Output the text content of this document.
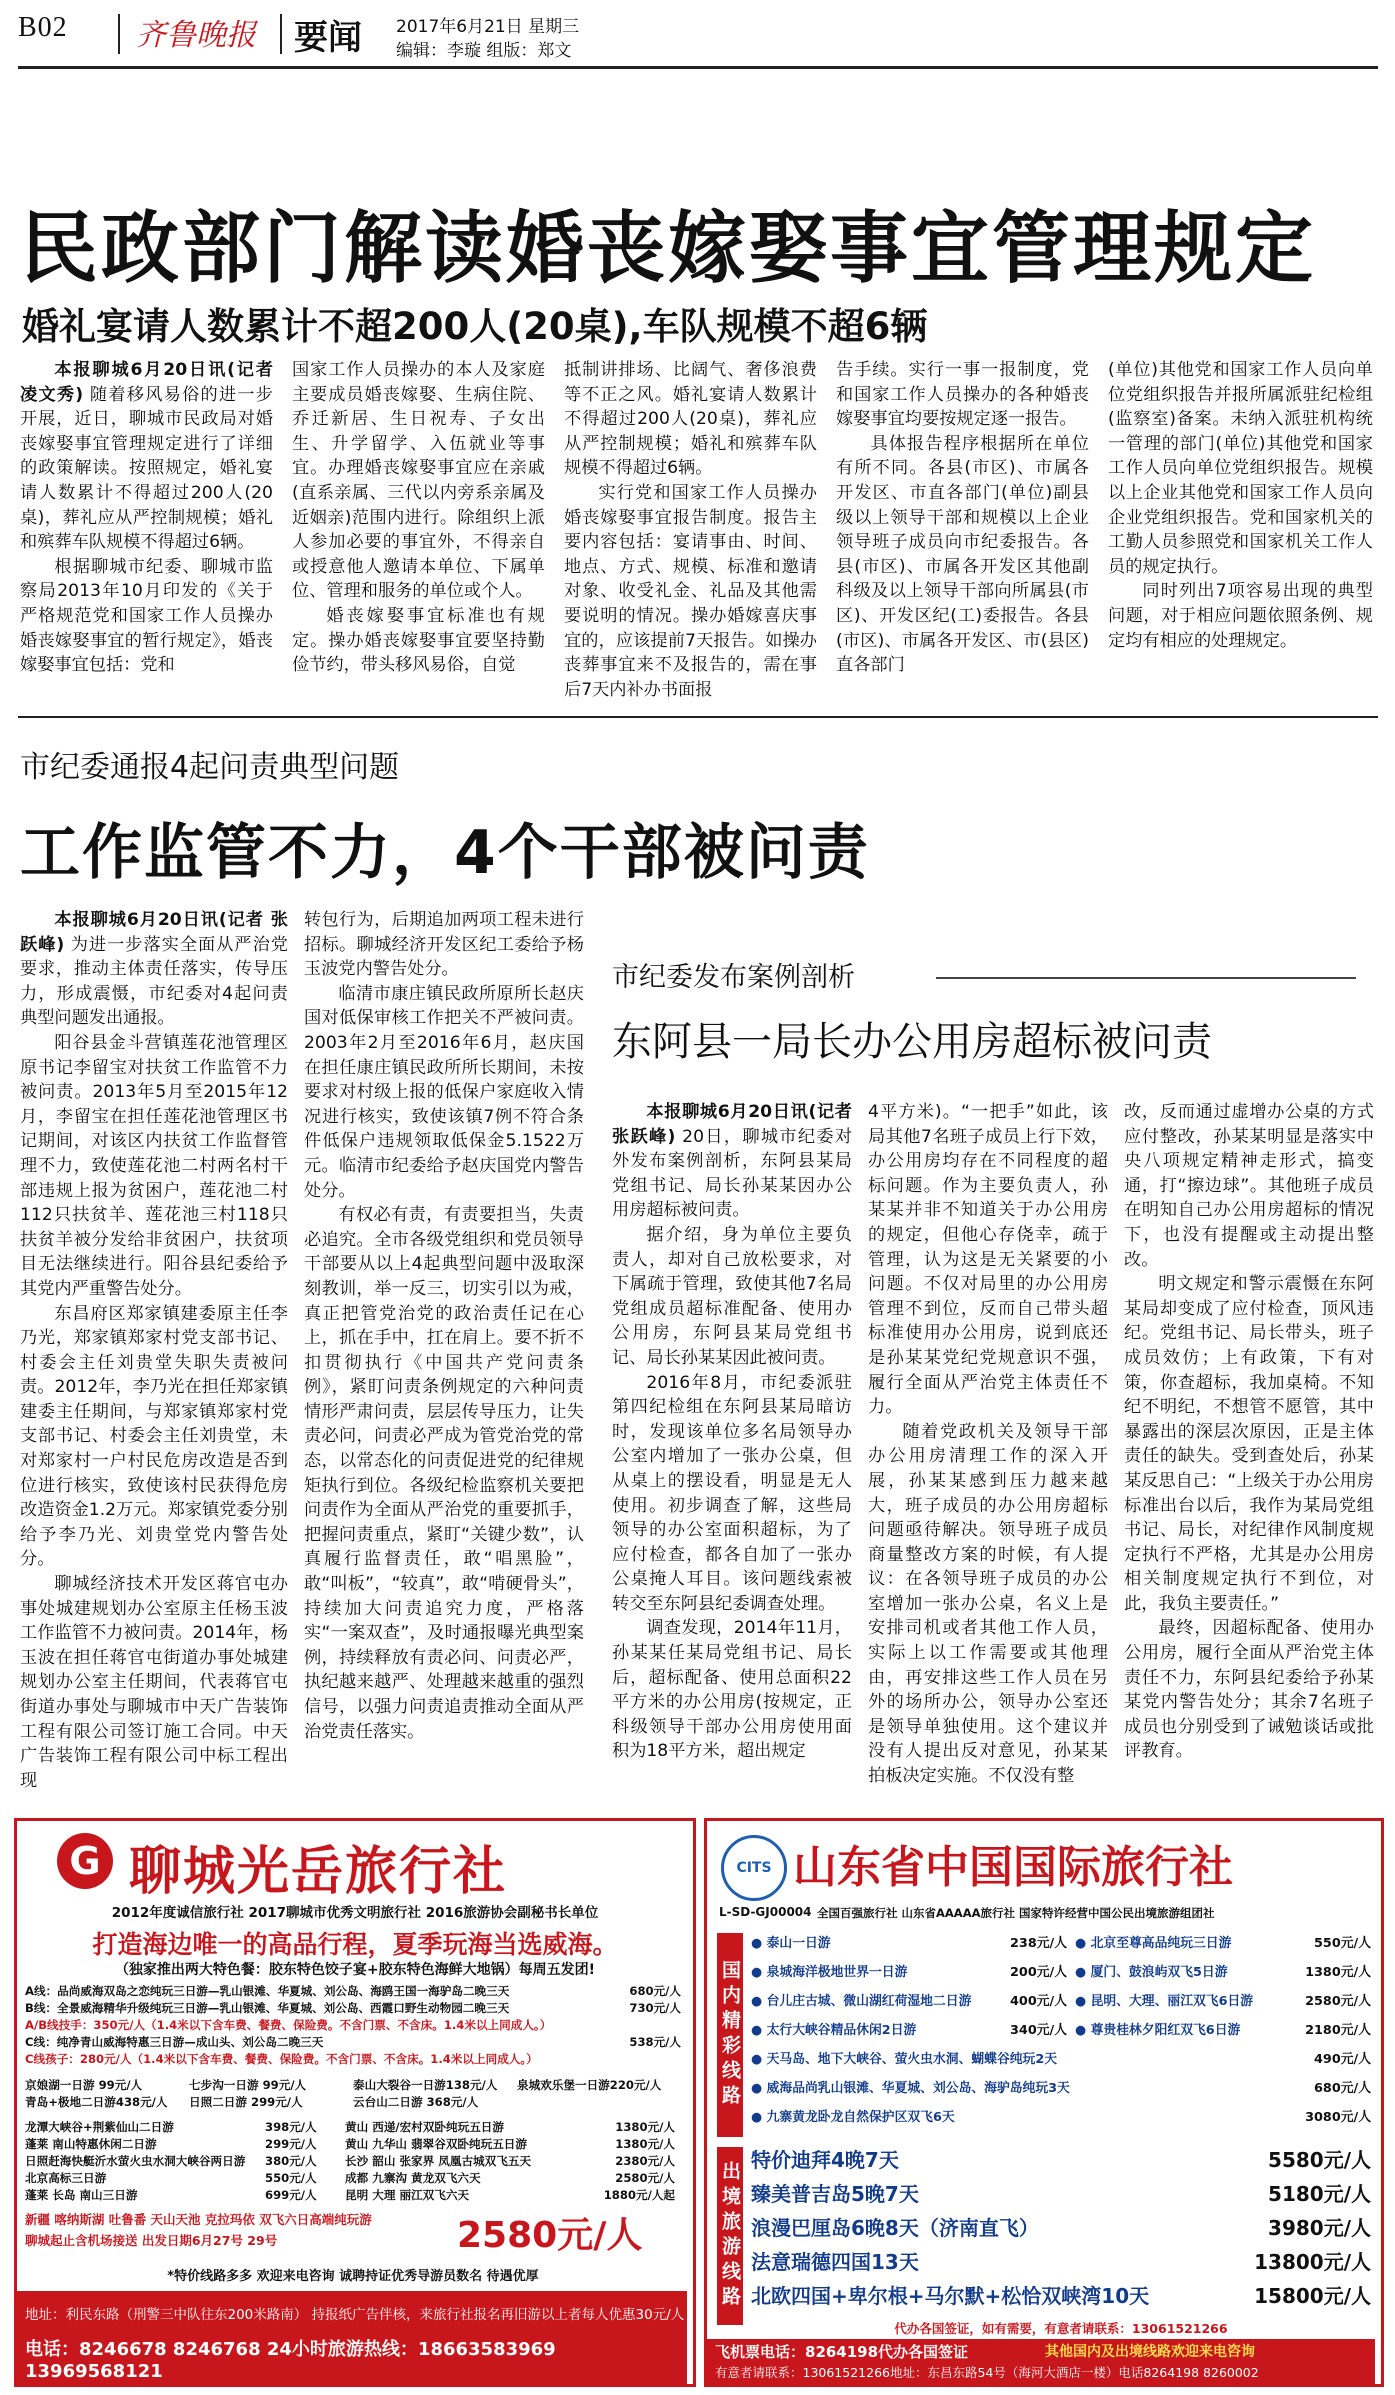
B02 齐鲁晚报 要闻 2017年6月21日 星期三
编辑：李璇 组版：郑文
民政部门解读婚丧嫁娶事宜管理规定
婚礼宴请人数累计不超200人(20桌),车队规模不超6辆

本报聊城6月20日讯(记者 凌文秀) 随着移风易俗的进一步开展，近日，聊城市民政局对婚丧嫁娶事宜管理规定进行了详细的政策解读。按照规定，婚礼宴请人数累计不得超过200人(20桌)，葬礼应从严控制规模；婚礼和殡葬车队规模不得超过6辆。

根据聊城市纪委、聊城市监察局2013年10月印发的《关于严格规范党和国家工作人员操办婚丧嫁娶事宜的暂行规定》，婚丧嫁娶事宜包括：党和

国家工作人员操办的本人及家庭主要成员婚丧嫁娶、生病住院、乔迁新居、生日祝寿、子女出生、升学留学、入伍就业等事宜。办理婚丧嫁娶事宜应在亲戚(直系亲属、三代以内旁系亲属及近姻亲)范围内进行。除组织上派人参加必要的事宜外，不得亲自或授意他人邀请本单位、下属单位、管理和服务的单位或个人。

婚丧嫁娶事宜标准也有规定。操办婚丧嫁娶事宜要坚持勤俭节约，带头移风易俗，自觉

抵制讲排场、比阔气、奢侈浪费等不正之风。婚礼宴请人数累计不得超过200人(20桌)，葬礼应从严控制规模；婚礼和殡葬车队规模不得超过6辆。

实行党和国家工作人员操办婚丧嫁娶事宜报告制度。报告主要内容包括：宴请事由、时间、地点、方式、规模、标准和邀请对象、收受礼金、礼品及其他需要说明的情况。操办婚嫁喜庆事宜的，应该提前7天报告。如操办丧葬事宜来不及报告的，需在事后7天内补办书面报

告手续。实行一事一报制度，党和国家工作人员操办的各种婚丧嫁娶事宜均要按规定逐一报告。

具体报告程序根据所在单位有所不同。各县(市区)、市属各开发区、市直各部门(单位)副县级以上领导干部和规模以上企业领导班子成员向市纪委报告。各县(市区)、市属各开发区其他副科级及以上领导干部向所属县(市区)、开发区纪(工)委报告。各县(市区)、市属各开发区、市(县区)直各部门

(单位)其他党和国家工作人员向单位党组织报告并报所属派驻纪检组(监察室)备案。未纳入派驻机构统一管理的部门(单位)其他党和国家工作人员向单位党组织报告。规模以上企业其他党和国家工作人员向企业党组织报告。党和国家机关的工勤人员参照党和国家机关工作人员的规定执行。

同时列出7项容易出现的典型问题，对于相应问题依照条例、规定均有相应的处理规定。

市纪委通报4起问责典型问题
工作监管不力，4个干部被问责

本报聊城6月20日讯(记者 张跃峰) 为进一步落实全面从严治党要求，推动主体责任落实，传导压力，形成震慑，市纪委对4起问责典型问题发出通报。

阳谷县金斗营镇莲花池管理区原书记李留宝对扶贫工作监管不力被问责。2013年5月至2015年12月，李留宝在担任莲花池管理区书记期间，对该区内扶贫工作监督管理不力，致使莲花池二村两名村干部违规上报为贫困户，莲花池二村112只扶贫羊、莲花池三村118只扶贫羊被分发给非贫困户，扶贫项目无法继续进行。阳谷县纪委给予其党内严重警告处分。

东昌府区郑家镇建委原主任李乃光，郑家镇郑家村党支部书记、村委会主任刘贵堂失职失责被问责。2012年，李乃光在担任郑家镇建委主任期间，与郑家镇郑家村党支部书记、村委会主任刘贵堂，未对郑家村一户村民危房改造是否到位进行核实，致使该村民获得危房改造资金1.2万元。郑家镇党委分别给予李乃光、刘贵堂党内警告处分。

聊城经济技术开发区蒋官屯办事处城建规划办公室原主任杨玉波工作监管不力被问责。2014年，杨玉波在担任蒋官屯街道办事处城建规划办公室主任期间，代表蒋官屯街道办事处与聊城市中天广告装饰工程有限公司签订施工合同。中天广告装饰工程有限公司中标工程出现

转包行为，后期追加两项工程未进行招标。聊城经济开发区纪工委给予杨玉波党内警告处分。

临清市康庄镇民政所原所长赵庆国对低保审核工作把关不严被问责。2003年2月至2016年6月，赵庆国在担任康庄镇民政所所长期间，未按要求对村级上报的低保户家庭收入情况进行核实，致使该镇7例不符合条件低保户违规领取低保金5.1522万元。临清市纪委给予赵庆国党内警告处分。

有权必有责，有责要担当，失责必追究。全市各级党组织和党员领导干部要从以上4起典型问题中汲取深刻教训，举一反三，切实引以为戒，真正把管党治党的政治责任记在心上，抓在手中，扛在肩上。要不折不扣贯彻执行《中国共产党问责条例》，紧盯问责条例规定的六种问责情形严肃问责，层层传导压力，让失责必问，问责必严成为管党治党的常态，以常态化的问责促进党的纪律规矩执行到位。各级纪检监察机关要把问责作为全面从严治党的重要抓手，把握问责重点，紧盯“关键少数”，认真履行监督责任，敢“唱黑脸”，敢“叫板”，“较真”，敢“啃硬骨头”，持续加大问责追究力度，严格落实“一案双查”，及时通报曝光典型案例，持续释放有责必问、问责必严，执纪越来越严、处理越来越重的强烈信号，以强力问责追责推动全面从严治党责任落实。

市纪委发布案例剖析
东阿县一局长办公用房超标被问责

本报聊城6月20日讯(记者 张跃峰) 20日，聊城市纪委对外发布案例剖析，东阿县某局党组书记、局长孙某某因办公用房超标被问责。

据介绍，身为单位主要负责人，却对自己放松要求，对下属疏于管理，致使其他7名局党组成员超标准配备、使用办公用房，东阿县某局党组书记、局长孙某某因此被问责。

2016年8月，市纪委派驻第四纪检组在东阿县某局暗访时，发现该单位多名局领导办公室内增加了一张办公桌，但从桌上的摆设看，明显是无人使用。初步调查了解，这些局领导的办公室面积超标，为了应付检查，都各自加了一张办公桌掩人耳目。该问题线索被转交至东阿县纪委调查处理。

调查发现，2014年11月，孙某某任某局党组书记、局长后，超标配备、使用总面积22平方米的办公用房(按规定，正科级领导干部办公用房使用面积为18平方米，超出规定

4平方米)。“一把手”如此，该局其他7名班子成员上行下效，办公用房均存在不同程度的超标问题。作为主要负责人，孙某某并非不知道关于办公用房的规定，但他心存侥幸，疏于管理，认为这是无关紧要的小问题。不仅对局里的办公用房管理不到位，反而自己带头超标准使用办公用房，说到底还是孙某某党纪党规意识不强，履行全面从严治党主体责任不力。

随着党政机关及领导干部办公用房清理工作的深入开展，孙某某感到压力越来越大，班子成员的办公用房超标问题亟待解决。领导班子成员商量整改方案的时候，有人提议：在各领导班子成员的办公室增加一张办公桌，名义上是安排司机或者其他工作人员，实际上以工作需要或其他理由，再安排这些工作人员在另外的场所办公，领导办公室还是领导单独使用。这个建议并没有人提出反对意见，孙某某拍板决定实施。不仅没有整

改，反而通过虚增办公桌的方式应付整改，孙某某明显是落实中央八项规定精神走形式，搞变通，打“擦边球”。其他班子成员在明知自己办公用房超标的情况下，也没有提醒或主动提出整改。

明文规定和警示震慑在东阿某局却变成了应付检查，顶风违纪。党组书记、局长带头，班子成员效仿；上有政策，下有对策，你查超标，我加桌椅。不知纪不明纪，不想管不愿管，其中暴露出的深层次原因，正是主体责任的缺失。受到查处后，孙某某反思自己：“上级关于办公用房标准出台以后，我作为某局党组书记、局长，对纪律作风制度规定执行不严格，尤其是办公用房相关制度规定执行不到位，对此，我负主要责任。”

最终，因超标配备、使用办公用房，履行全面从严治党主体责任不力，东阿县纪委给予孙某某党内警告处分；其余7名班子成员也分别受到了诫勉谈话或批评教育。

G 聊城光岳旅行社
2012年度诚信旅行社 2017聊城市优秀文明旅行社 2016旅游协会副秘书长单位
打造海边唯一的高品行程，夏季玩海当选威海。
（独家推出两大特色餐：胶东特色饺子宴+胶东特色海鲜大地锅）每周五发团!
A线：品尚威海双岛之恋纯玩三日游—乳山银滩、华夏城、刘公岛、海鸥王国一海驴岛二晚三天	680元/人
B线：全景威海精华升级纯玩三日游—乳山银滩、华夏城、刘公岛、西霞口野生动物园二晚三天	730元/人
A/B线技手：350元/人（1.4米以下含车费、餐费、保险费。不含门票、不含床。1.4米以上同成人。）
C线：纯净青山威海特惠三日游—成山头、刘公岛二晚三天	538元/人
C线孩子：280元/人（1.4米以下含车费、餐费、保险费。不含门票、不含床。1.4米以上同成人。）
京娘湖一日游 99元/人	七步沟一日游 99元/人	泰山大裂谷一日游138元/人	泉城欢乐堡一日游220元/人
青岛+极地二日游438元/人	日照二日游 299元/人	云台山二日游 368元/人
龙潭大峡谷+荆紫仙山二日游	398元/人	黄山 西递/宏村双卧纯玩五日游	1380元/人
蓬莱 南山特惠休闲二日游	299元/人	黄山 九华山 翡翠谷双卧纯玩五日游	1380元/人
日照赶海快艇沂水萤火虫水洞大峡谷两日游	380元/人	长沙 韶山 张家界 凤凰古城双飞五天	2380元/人
北京高标三日游	550元/人	成都 九寨沟 黄龙双飞六天	2580元/人
蓬莱 长岛 南山三日游	699元/人	昆明 大理 丽江双飞六天	1880元/人起
新疆 喀纳斯湖 吐鲁番 天山天池 克拉玛依 双飞六日高端纯玩游
聊城起止含机场接送 出发日期6月27号 29号	2580元/人
*特价线路多多 欢迎来电咨询 诚聘持证优秀导游员数名 待遇优厚
地址：利民东路（刑警三中队往东200米路南） 持报纸广告伴核，来旅行社报名再旧游以上者每人优惠30元/人
电话：8246678 8246768 24小时旅游热线：18663583969 13969568121
CITS 山东省中国国际旅行社
L-SD-GJ00004 全国百强旅行社 山东省AAAAA旅行社 国家特许经营中国公民出境旅游组团社
国内精彩线路
● 泰山一日游	238元/人 ● 北京至尊高品纯玩三日游	550元/人
● 泉城海洋极地世界一日游	200元/人 ● 厦门、鼓浪屿双飞5日游	1380元/人
● 台儿庄古城、微山湖红荷湿地二日游	400元/人 ● 昆明、大理、丽江双飞6日游	2580元/人
● 太行大峡谷精品休闲2日游	340元/人 ● 尊贵桂林夕阳红双飞6日游	2180元/人
● 天马岛、地下大峡谷、萤火虫水洞、蝴蝶谷纯玩2天	490元/人
● 威海品尚乳山银滩、华夏城、刘公岛、海驴岛纯玩3天	680元/人
● 九寨黄龙卧龙自然保护区双飞6天	3080元/人
出境旅游线路
特价迪拜4晚7天	5580元/人
臻美普吉岛5晚7天	5180元/人
浪漫巴厘岛6晚8天（济南直飞）	3980元/人
法意瑞德四国13天	13800元/人
北欧四国+卑尔根+马尔默+松恰双峡湾10天	15800元/人
代办各国签证，如有需要，有意者请联系：13061521266
飞机票电话：8264198代办各国签证	其他国内及出境线路欢迎来电咨询
有意者请联系：13061521266地址：东昌东路54号（海河大酒店一楼）电话8264198 8260002
